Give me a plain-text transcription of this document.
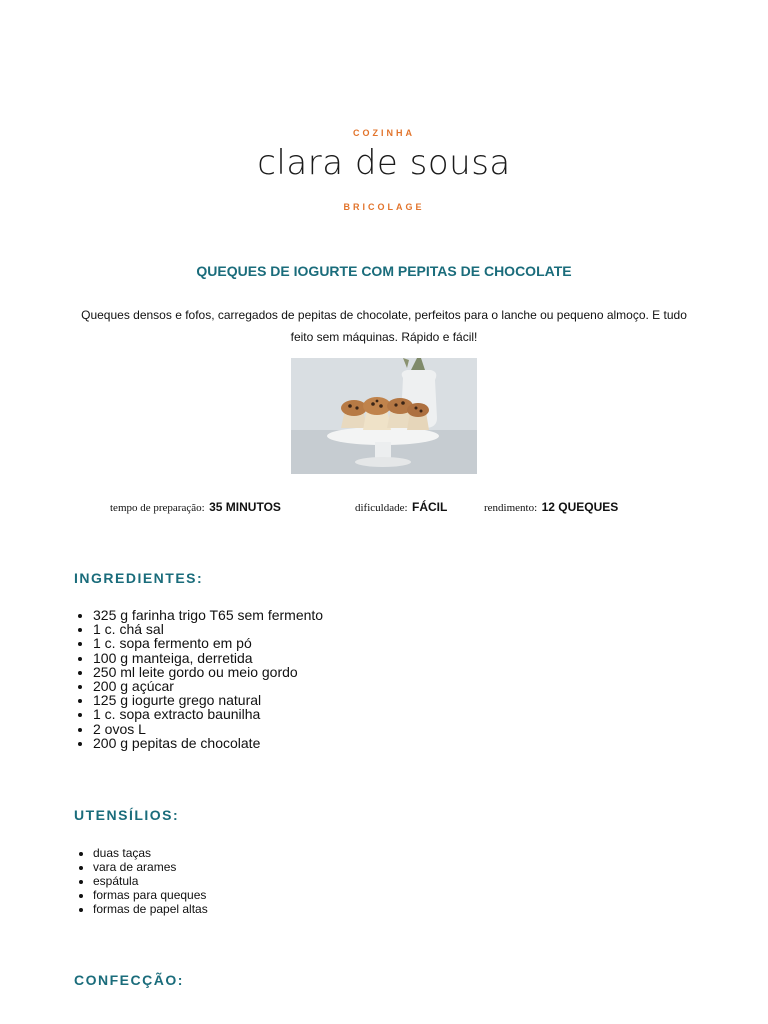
COZINHA
clara de sousa
BRICOLAGE
QUEQUES DE IOGURTE COM PEPITAS DE CHOCOLATE
Queques densos e fofos, carregados de pepitas de chocolate, perfeitos para o lanche ou pequeno almoço. E tudo feito sem máquinas. Rápido e fácil!
tempo de preparação: 35 MINUTOS	dificuldade: FÁCIL	rendimento: 12 QUEQUES
INGREDIENTES:
• 325 g farinha trigo T65 sem fermento
• 1 c. chá sal
• 1 c. sopa fermento em pó
• 100 g manteiga, derretida
• 250 ml leite gordo ou meio gordo
• 200 g açúcar
• 125 g iogurte grego natural
• 1 c. sopa extracto baunilha
• 2 ovos L
• 200 g pepitas de chocolate
UTENSÍLIOS:
• duas taças
• vara de arames
• espátula
• formas para queques
• formas de papel altas
CONFECÇÃO:
